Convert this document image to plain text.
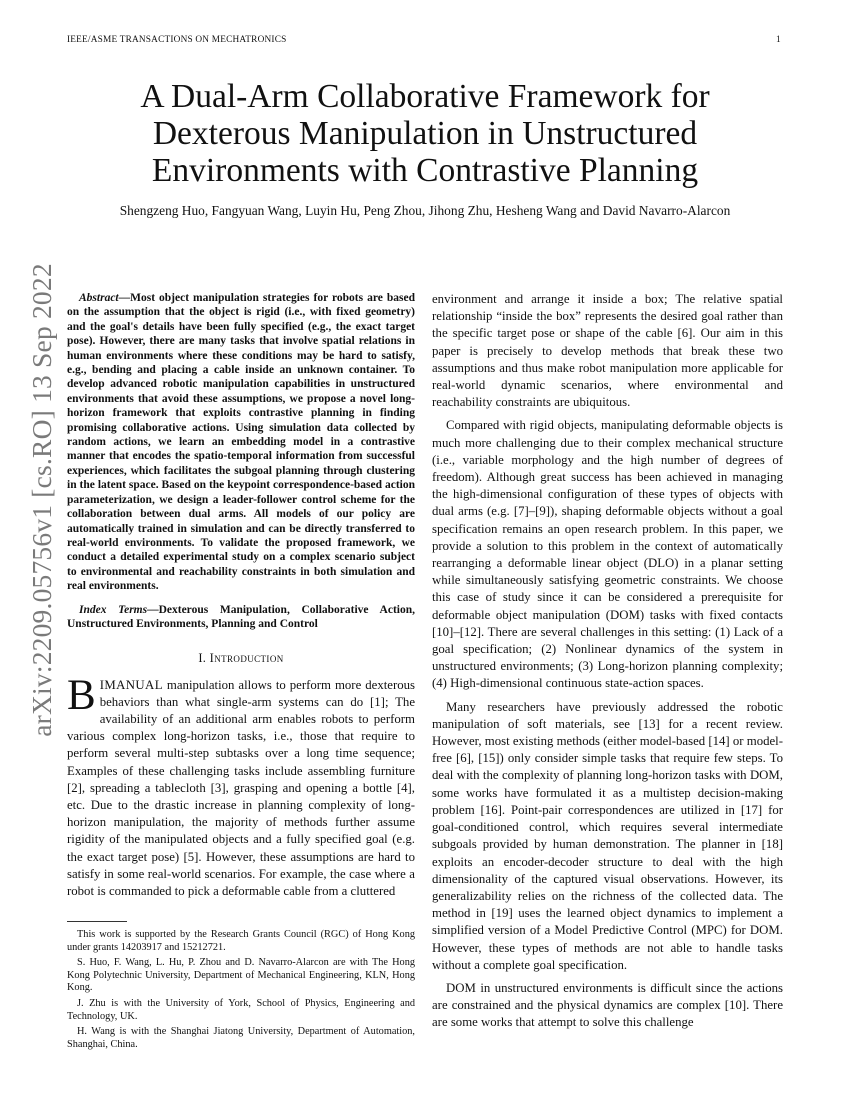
IEEE/ASME TRANSACTIONS ON MECHATRONICS	1
A Dual-Arm Collaborative Framework for
Dexterous Manipulation in Unstructured
Environments with Contrastive Planning
Shengzeng Huo, Fangyuan Wang, Luyin Hu, Peng Zhou, Jihong Zhu, Hesheng Wang and David Navarro-Alarcon
arXiv:2209.05756v1 [cs.RO] 13 Sep 2022	Abstract—Most object manipulation strategies for robots are based on the assumption that the object is rigid (i.e., with fixed geometry) and the goal's details have been fully specified (e.g., the exact target pose). However, there are many tasks that involve spatial relations in human environments where these conditions may be hard to satisfy, e.g., bending and placing a cable inside an unknown container. To develop advanced robotic manipulation capabilities in unstructured environments that avoid these assumptions, we propose a novel long-horizon framework that exploits contrastive planning in finding promising collaborative actions. Using simulation data collected by random actions, we learn an embedding model in a contrastive manner that encodes the spatio-temporal information from successful experiences, which facilitates the subgoal planning through clustering in the latent space. Based on the keypoint correspondence-based action parameterization, we design a leader-follower control scheme for the collaboration between dual arms. All models of our policy are automatically trained in simulation and can be directly transferred to real-world environments. To validate the proposed framework, we conduct a detailed experimental study on a complex scenario subject to environmental and reachability constraints in both simulation and real environments.

Index Terms—Dexterous Manipulation, Collaborative Action, Unstructured Environments, Planning and Control

I. Introduction

BIMANUAL manipulation allows to perform more dexterous behaviors than what single-arm systems can do [1]; The availability of an additional arm enables robots to perform various complex long-horizon tasks, i.e., those that require to perform several multi-step subtasks over a long time sequence; Examples of these challenging tasks include assembling furniture [2], spreading a tablecloth [3], grasping and opening a bottle [4], etc. Due to the drastic increase in planning complexity of long-horizon manipulation, the majority of methods further assume rigidity of the manipulated objects and a fully specified goal (e.g. the exact target pose) [5]. However, these assumptions are hard to satisfy in some real-world scenarios. For example, the case where a robot is commanded to pick a deformable cable from a cluttered

environment and arrange it inside a box; The relative spatial relationship “inside the box” represents the desired goal rather than the specific target pose or shape of the cable [6]. Our aim in this paper is precisely to develop methods that break these two assumptions and thus make robot manipulation more applicable for real-world dynamic scenarios, where environmental and reachability constraints are ubiquitous.

Compared with rigid objects, manipulating deformable objects is much more challenging due to their complex mechanical structure (i.e., variable morphology and the high number of degrees of freedom). Although great success has been achieved in managing the high-dimensional configuration of these types of objects with dual arms (e.g. [7]–[9]), shaping deformable objects without a goal specification remains an open research problem. In this paper, we provide a solution to this problem in the context of automatically rearranging a deformable linear object (DLO) in a planar setting while simultaneously satisfying geometric constraints. We choose this case of study since it can be considered a prerequisite for deformable object manipulation (DOM) tasks with fixed contacts [10]–[12]. There are several challenges in this setting: (1) Lack of a goal specification; (2) Nonlinear dynamics of the system in unstructured environments; (3) Long-horizon planning complexity; (4) High-dimensional continuous state-action spaces.

Many researchers have previously addressed the robotic manipulation of soft materials, see [13] for a recent review. However, most existing methods (either model-based [14] or model-free [6], [15]) only consider simple tasks that require few steps. To deal with the complexity of planning long-horizon tasks with DOM, some works have formulated it as a multistep decision-making problem [16]. Point-pair correspondences are utilized in [17] for goal-conditioned control, which requires several intermediate subgoals provided by human demonstration. The planner in [18] exploits an encoder-decoder structure to deal with the high dimensionality of the captured visual observations. However, its generalizability relies on the richness of the collected data. The method in [19] uses the learned object dynamics to implement a simplified version of a Model Predictive Control (MPC) for DOM. However, these types of methods are not able to handle tasks without a complete goal specification.

DOM in unstructured environments is difficult since the actions are constrained and the physical dynamics are complex [10]. There are some works that attempt to solve this challenge

This work is supported by the Research Grants Council (RGC) of Hong Kong under grants 14203917 and 15212721.

S. Huo, F. Wang, L. Hu, P. Zhou and D. Navarro-Alarcon are with The Hong Kong Polytechnic University, Department of Mechanical Engineering, KLN, Hong Kong.

J. Zhu is with the University of York, School of Physics, Engineering and Technology, UK.

H. Wang is with the Shanghai Jiatong University, Department of Automation, Shanghai, China.
